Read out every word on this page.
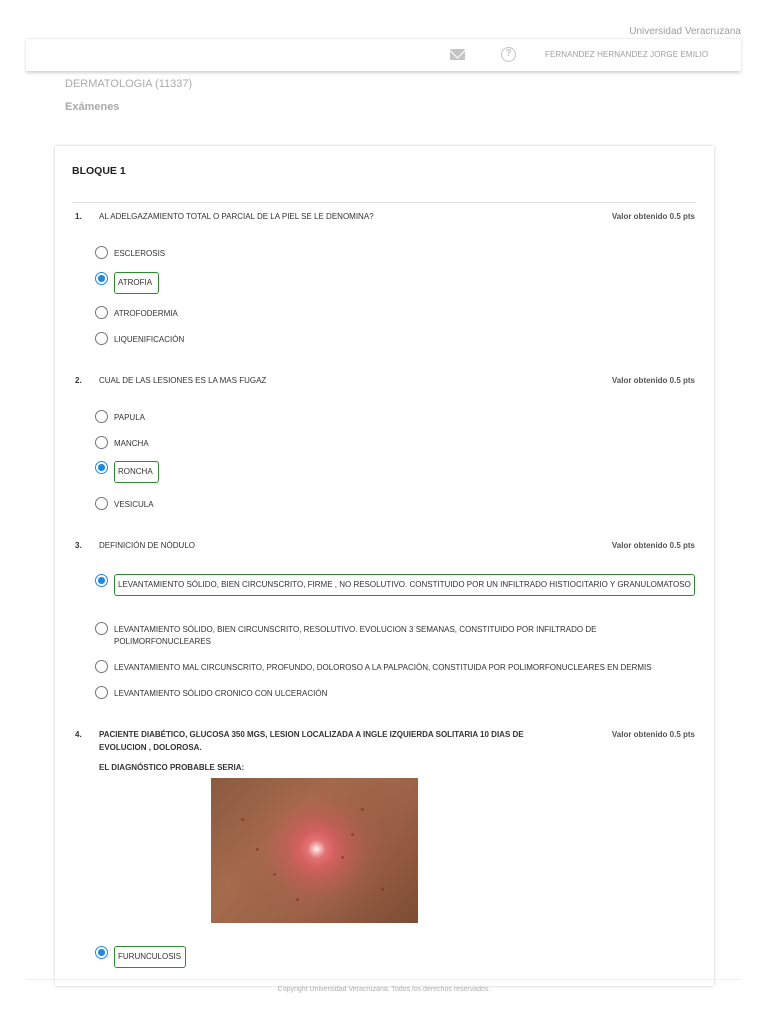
Universidad Veracruzana
?	FERNANDEZ HERNANDEZ JORGE EMILIO
DERMATOLOGIA (11337)
Exámenes
BLOQUE 1
1. AL ADELGAZAMIENTO TOTAL O PARCIAL DE LA PIEL SE LE DENOMINA?	Valor obtenido 0.5 pts
ESCLEROSIS
ATROFIA
ATROFODERMIA
LIQUENIFICACIÓN
2. CUAL DE LAS LESIONES ES LA MAS FUGAZ	Valor obtenido 0.5 pts
PAPULA
MANCHA
RONCHA
VESICULA
3. DEFINICIÓN DE NÓDULO	Valor obtenido 0.5 pts
LEVANTAMIENTO SÓLIDO, BIEN CIRCUNSCRITO, FIRME , NO RESOLUTIVO. CONSTITUIDO POR UN INFILTRADO HISTIOCITARIO Y GRANULOMATOSO
LEVANTAMIENTO SÓLIDO, BIEN CIRCUNSCRITO, RESOLUTIVO. EVOLUCION 3 SEMANAS, CONSTITUIDO POR INFILTRADO DE POLIMORFONUCLEARES
LEVANTAMIENTO MAL CIRCUNSCRITO, PROFUNDO, DOLOROSO A LA PALPACIÓN, CONSTITUIDA POR POLIMORFONUCLEARES EN DERMIS
LEVANTAMIENTO SÓLIDO CRONICO CON ULCERACIÓN
4. PACIENTE DIABÉTICO, GLUCOSA 350 MGS, LESION LOCALIZADA A INGLE IZQUIERDA SOLITARIA 10 DIAS DE EVOLUCION , DOLOROSA.
Valor obtenido 0.5 pts
EL DIAGNÓSTICO PROBABLE SERIA:
FURUNCULOSIS
Copyright Universidad Veracruzana. Todos los derechos reservados.
